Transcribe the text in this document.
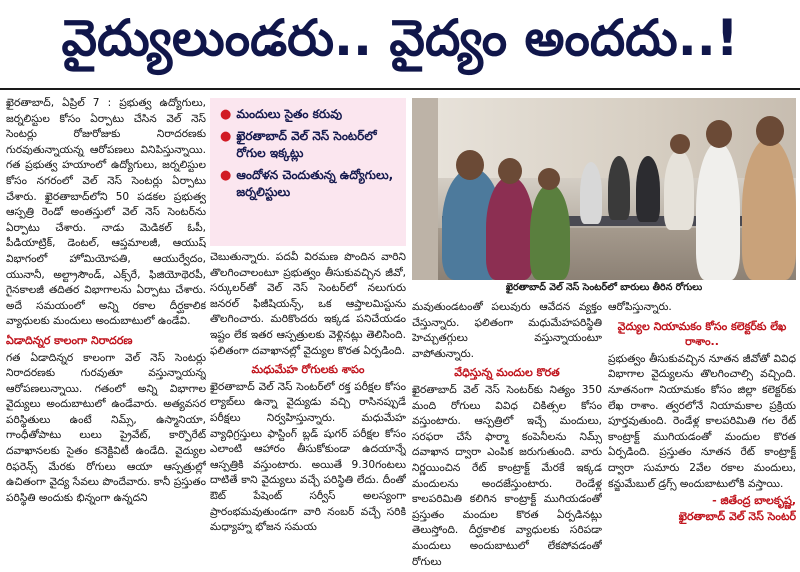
వైద్యులుండరు.. వైద్యం అందదు..!

ఖైరతాబాద్, ఏప్రిల్ 7 : ప్రభుత్వ ఉద్యోగులు, జర్నలిస్టుల కోసం ఏర్పాటు చేసిన వెల్ నెస్ సెంటర్లు రోజురోజుకు నిరాదరణకు గురవుతున్నాయన్న ఆరోపణలు వినిపిస్తున్నాయి. గత ప్రభుత్వ హయాంలో ఉద్యోగులు, జర్నలిస్టుల కోసం నగరంలో వెల్ నెస్ సెంటర్లు ఏర్పాటు చేశారు. ఖైరతాబాద్‌లోని 50 పడకల ప్రభుత్వ ఆస్పత్రి రెండో అంతస్తులో వెల్ నెస్ సెంటర్‌ను ఏర్పాటు చేశారు. నాడు మెడికల్ ఓపీ, పీడియాట్రిక్, డెంటల్, ఆప్తమాలజీ, ఆయుష్ విభాగంలో హోమియోపతి, ఆయుర్వేదం, యునానీ, అల్ట్రాసౌండ్, ఎక్స్‌రే, ఫిజియోథెరపీ, గైనకాలజీ తదితర విభాగాలను ఏర్పాటు చేశారు. అదే సమయంలో అన్ని రకాల దీర్ఘకాలిక వ్యాధులకు మందులు అందుబాటులో ఉండేవి.

ఏడాదిన్నర కాలంగా నిరాదరణ

గత ఏడాదిన్నర కాలంగా వెల్ నెస్ సెంటర్లు నిరాదరణకు గురవుతూ వస్తున్నాయన్న ఆరోపణలున్నాయి. గతంలో అన్ని విభాగాల వైద్యులు అందుబాటులో ఉండేవారు. అత్యవసర పరిస్థితులు ఉంటే నిమ్స్, ఉస్మానియా, గాంధీతోపాటు లులు ప్రైవేట్, కార్పొరేట్ దవాఖానలకు సైతం కనెక్టివిటీ ఉండేది. వైద్యుల రిఫరెన్స్ మేరకు రోగులు ఆయా ఆస్పత్రుల్లో ఉచితంగా వైద్య సేవలు పొందేవారు. కానీ ప్రస్తుతం పరిస్థితి అందుకు భిన్నంగా ఉన్నదని

● మందులు సైతం కరువు
● ఖైరతాబాద్ వెల్ నెస్ సెంటర్‌లో రోగుల ఇక్కట్లు
● ఆందోళన చెందుతున్న ఉద్యోగులు, జర్నలిస్టులు

చెబుతున్నారు. పదవీ విరమణ పొందిన వారిని తొలగించాలంటూ ప్రభుత్వం తీసుకువచ్చిన జీవో, సర్కులర్‌తో వెల్ నెస్ సెంటర్‌లో నలుగురు జనరల్ ఫిజీషియన్స్, ఒక ఆప్తాలమిస్టును తొలగించారు. మరికొందరు ఇక్కడ పనిచేయడం ఇష్టం లేక ఇతర ఆస్పత్రులకు వెళ్లినట్లు తెలిసింది. ఫలితంగా దవాఖానల్లో వైద్యుల కొరత ఏర్పడింది.

మధుమేహ రోగులకు శాపం

ఖైరతాబాద్ వెల్ నెస్ సెంటర్‌లో రక్త పరీక్షల కోసం ల్యాబ్‌లు ఉన్నా వైద్యుడు వచ్చి రాసినప్పుడే పరీక్షలు నిర్వహిస్తున్నారు. మధుమేహ వ్యాధిగ్రస్తులు ఫాస్టింగ్ బ్లడ్ షుగర్ పరీక్షల కోసం ఎలాంటి ఆహారం తీసుకోకుండా ఉదయాన్నే ఆస్పత్రికి వస్తుంటారు. అయితే 9.30గంటలు దాటితే కాని వైద్యులు వచ్చే పరిస్థితి లేదు. దీంతో ఔట్ పేషెంట్ సర్వీస్ అలస్యంగా ప్రారంభమవుతుండగా వారి నంబర్ వచ్చే సరికి మధ్యాహ్న భోజన సమయ

ఖైరతాబాద్ వెల్ నెస్ సెంటర్‌లో బారులు తీరిన రోగులు

మవుతుండటంతో పలువురు ఆవేదన వ్యక్తం చేస్తున్నారు. ఫలితంగా మధుమేహపరిస్థితి హెచ్చుతగ్గులు వస్తున్నాయంటూ వాపోతున్నారు.

వేధిస్తున్న మందుల కొరత

ఖైరతాబాద్ వెల్ నెస్ సెంటర్‌కు నిత్యం 350 మంది రోగులు వివిధ చికిత్సల కోసం వస్తుంటారు. ఆస్పత్రిలో ఇచ్చే మందులు, సరఫరా చేసే ఫార్మా కంపెనీలను నిమ్స్ దవాఖాన ద్వారా ఎంపిక జరుగుతుంది. వారు నిర్ణయించిన రేట్ కాంట్రాక్ట్ మేరకే ఇక్కడ మందులను అందజేస్తుంటారు. రెండేళ్ల కాలపరిమితి కలిగిన కాంట్రాక్ట్ ముగియడంతో ప్రస్తుతం మందుల కొరత ఏర్పడినట్లు తెలుస్తోంది. దీర్ఘకాలిక వ్యాధులకు సరిపడా మందులు అందుబాటులో లేకపోవడంతో రోగులు

ఆరోపిస్తున్నారు.

వైద్యుల నియామకం కోసం కలెక్టర్‌కు లేఖ రాశాం..

ప్రభుత్వం తీసుకువచ్చిన నూతన జీవోతో వివిధ విభాగాల వైద్యులను తొలగించాల్సి వచ్చింది. నూతనంగా నియామకం కోసం జిల్లా కలెక్టర్‌కు లేఖ రాశాం. త్వరలోనే నియామకాల ప్రక్రియ పూర్తవుతుంది. రెండేళ్ల కాలపరిమితి గల రేట్ కాంట్రాక్ట్ ముగియడంతో మందుల కొరత ఏర్పడింది. ప్రస్తుతం నూతన రేట్ కాంట్రాక్ట్ ద్వారా సుమారు 2వేల రకాల మందులు, కన్జుమేబుల్ డ్రగ్స్ అందుబాటులోకి వస్తాయి.

- జితేంద్ర బాలకృష్ణ,
ఖైరతాబాద్ వెల్ నెస్ సెంటర్
